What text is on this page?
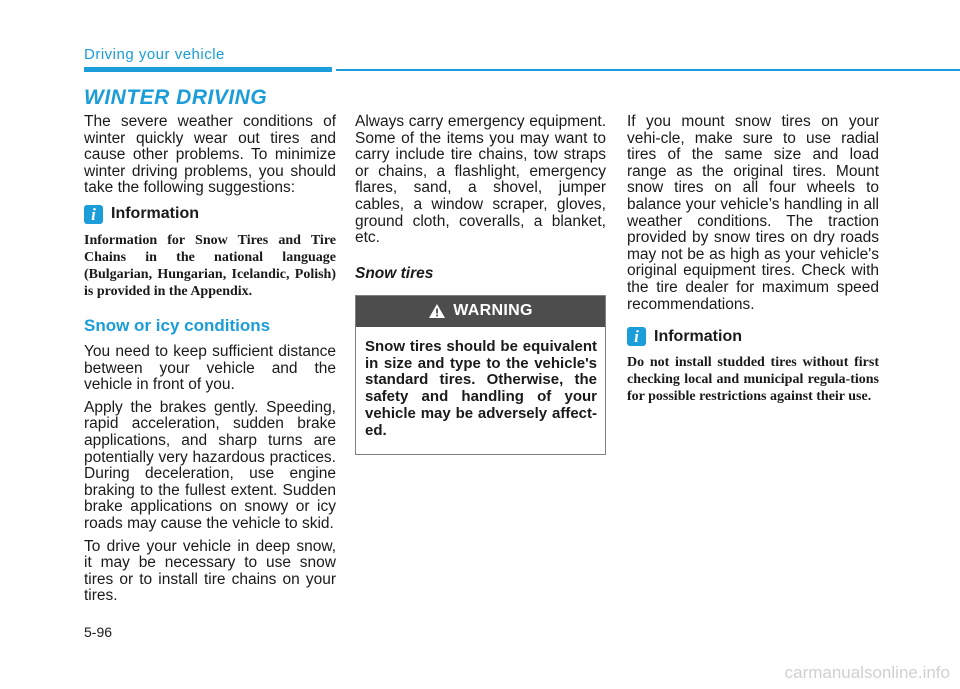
Driving your vehicle
WINTER DRIVING

The severe weather conditions of winter quickly wear out tires and cause other problems. To minimize winter driving problems, you should take the following suggestions:

i Information

Information for Snow Tires and Tire Chains in the national language (Bulgarian, Hungarian, Icelandic, Polish) is provided in the Appendix.

Snow or icy conditions

You need to keep sufficient distance between your vehicle and the vehicle in front of you.

Apply the brakes gently. Speeding, rapid acceleration, sudden brake applications, and sharp turns are potentially very hazardous practices. During deceleration, use engine braking to the fullest extent. Sudden brake applications on snowy or icy roads may cause the vehicle to skid.

To drive your vehicle in deep snow, it may be necessary to use snow tires or to install tire chains on your tires.

Always carry emergency equipment. Some of the items you may want to carry include tire chains, tow straps or chains, a flashlight, emergency flares, sand, a shovel, jumper cables, a window scraper, gloves, ground cloth, coveralls, a blanket, etc.

Snow tires
WARNING
Snow tires should be equivalent in size and type to the vehicle's standard tires. Otherwise, the safety and handling of your vehicle may be adversely affect-ed.

If you mount snow tires on your vehi-cle, make sure to use radial tires of the same size and load range as the original tires. Mount snow tires on all four wheels to balance your vehicle’s handling in all weather conditions. The traction provided by snow tires on dry roads may not be as high as your vehicle's original equipment tires. Check with the tire dealer for maximum speed recommendations.

i Information

Do not install studded tires without first checking local and municipal regula-tions for possible restrictions against their use.

5-96
carmanualsonline.info
